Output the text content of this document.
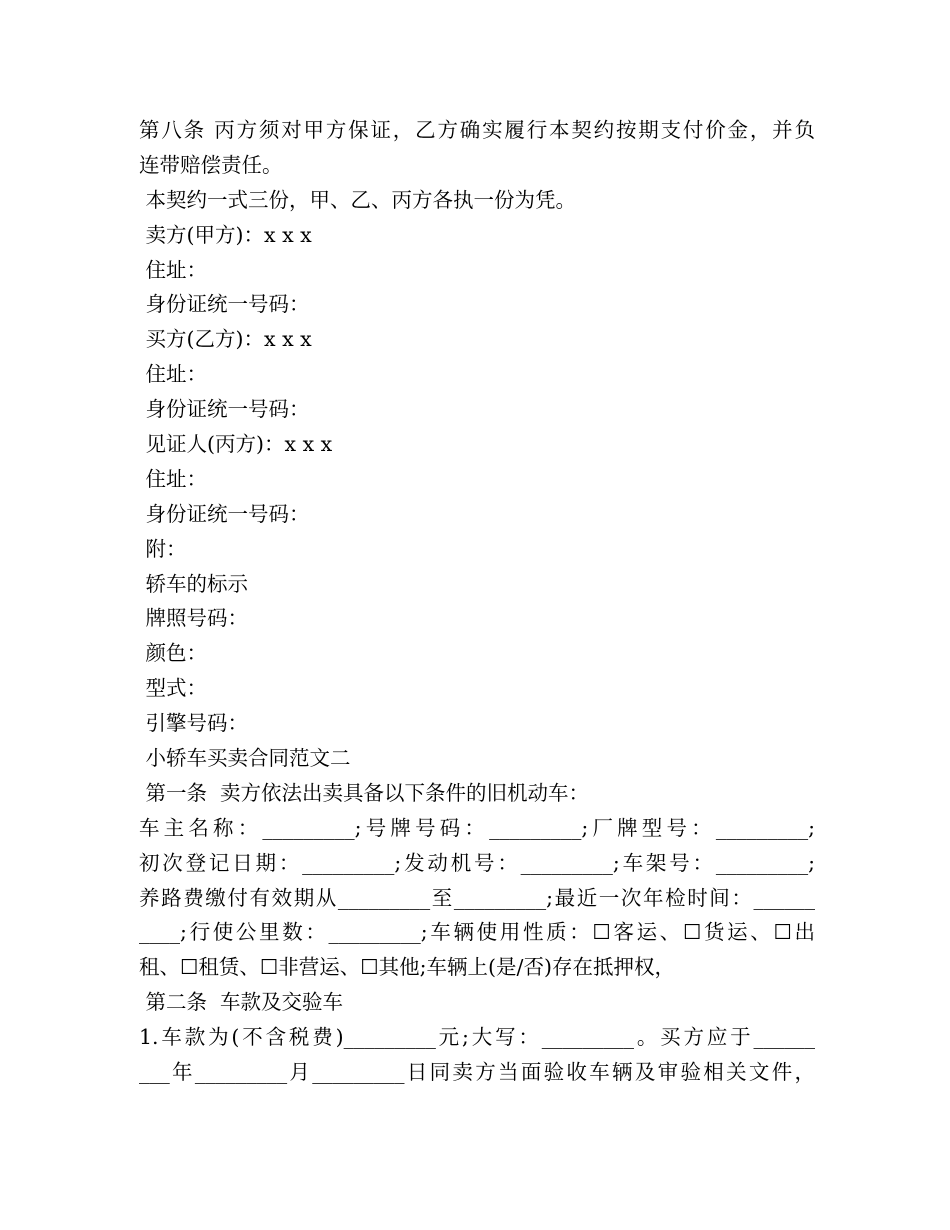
第八条 丙方须对甲方保证，乙方确实履行本契约按期支付价金，并负
连带赔偿责任。
本契约一式三份，甲、乙、丙方各执一份为凭。
卖方(甲方)：x x x
住址：
身份证统一号码：
买方(乙方)：x x x
住址：
身份证统一号码：
见证人(丙方)：x x x
住址：
身份证统一号码：
附：
轿车的标示
牌照号码：
颜色：
型式：
引擎号码：
小轿车买卖合同范文二
第一条  卖方依法出卖具备以下条件的旧机动车：
车主名称：_________;号牌号码：_________;厂牌型号：_________;
初次登记日期：_________;发动机号：_________;车架号：_________;
养路费缴付有效期从_________至_________;最近一次年检时间：______
____;行使公里数：_________;车辆使用性质：☐客运、☐货运、☐出
租、☐租赁、☐非营运、☐其他;车辆上(是/否)存在抵押权，
第二条  车款及交验车
1.车款为(不含税费)_________元;大写：_________。买方应于______
___年_________月_________日同卖方当面验收车辆及审验相关文件，
